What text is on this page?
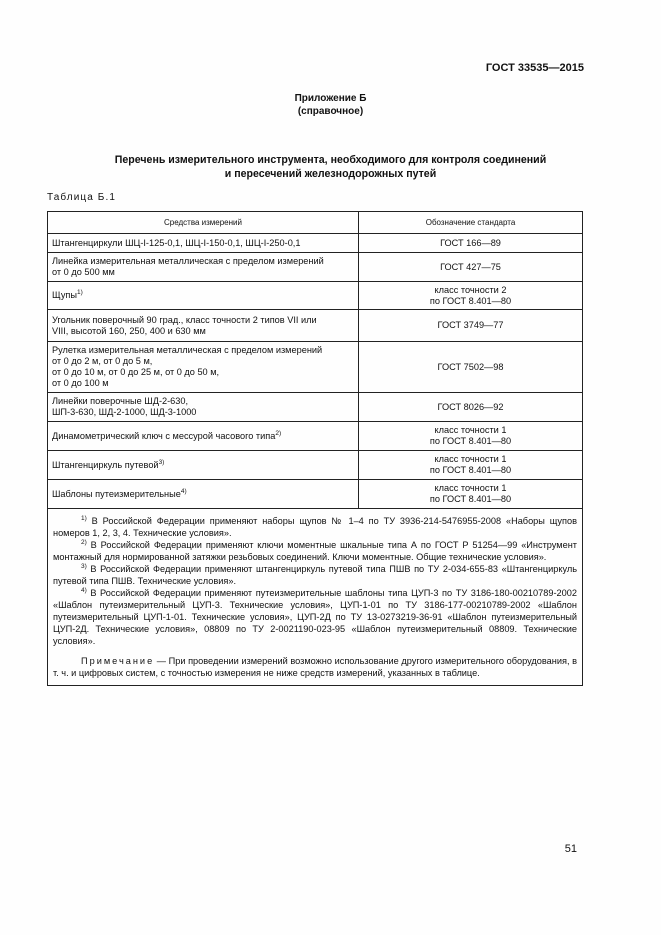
ГОСТ 33535—2015
Приложение Б
(справочное)
Перечень измерительного инструмента, необходимого для контроля соединений
и пересечений железнодорожных путей
Таблица Б.1
Средства измерений	Обозначение стандарта
Штангенциркули ШЦ-I-125-0,1, ШЦ-I-150-0,1, ШЦ-I-250-0,1	ГОСТ 166—89
Линейка измерительная металлическая с пределом измерений
от 0 до 500 мм	ГОСТ 427—75
Щупы$^{1)}$	класс точности 2
по ГОСТ 8.401—80
Угольник поверочный 90 град., класс точности 2 типов VII или
VIII, высотой 160, 250, 400 и 630 мм	ГОСТ 3749—77
Рулетка измерительная металлическая с пределом измерений
от 0 до 2 м, от 0 до 5 м,
от 0 до 10 м, от 0 до 25 м, от 0 до 50 м,
от 0 до 100 м	ГОСТ 7502—98
Линейки поверочные ШД-2-630,
ШП-3-630, ШД-2-1000, ШД-3-1000	ГОСТ 8026—92
Динамометрический ключ с мессурой часового типа$^{2)}$	класс точности 1
по ГОСТ 8.401—80
Штангенциркуль путевой$^{3)}$	класс точности 1
по ГОСТ 8.401—80
Шаблоны путеизмерительные$^{4)}$	класс точности 1
по ГОСТ 8.401—80

$^{1)}$ В Российской Федерации применяют наборы щупов № 1–4 по ТУ 3936-214-5476955-2008 «Наборы щупов номеров 1, 2, 3, 4. Технические условия».

$^{2)}$ В Российской Федерации применяют ключи моментные шкальные типа А по ГОСТ Р 51254—99 «Инструмент монтажный для нормированной затяжки резьбовых соединений. Ключи моментные. Общие технические условия».

$^{3)}$ В Российской Федерации применяют штангенциркуль путевой типа ПШВ по ТУ 2-034-655-83 «Штангенциркуль путевой типа ПШВ. Технические условия».

$^{4)}$ В Российской Федерации применяют путеизмерительные шаблоны типа ЦУП-3 по ТУ 3186-180-00210789-2002 «Шаблон путеизмерительный ЦУП-3. Технические условия», ЦУП-1-01 по ТУ 3186-177-00210789-2002 «Шаблон путеизмерительный ЦУП-1-01. Технические условия», ЦУП-2Д по ТУ 13-0273219-36-91 «Шаблон путеизмерительный ЦУП-2Д. Технические условия», 08809 по ТУ 2-0021190-023-95 «Шаблон путеизмерительный 08809. Технические условия».

Примечание — При проведении измерений возможно использование другого измерительного оборудования, в т. ч. и цифровых систем, с точностью измерения не ниже средств измерений, указанных в таблице.	

51
